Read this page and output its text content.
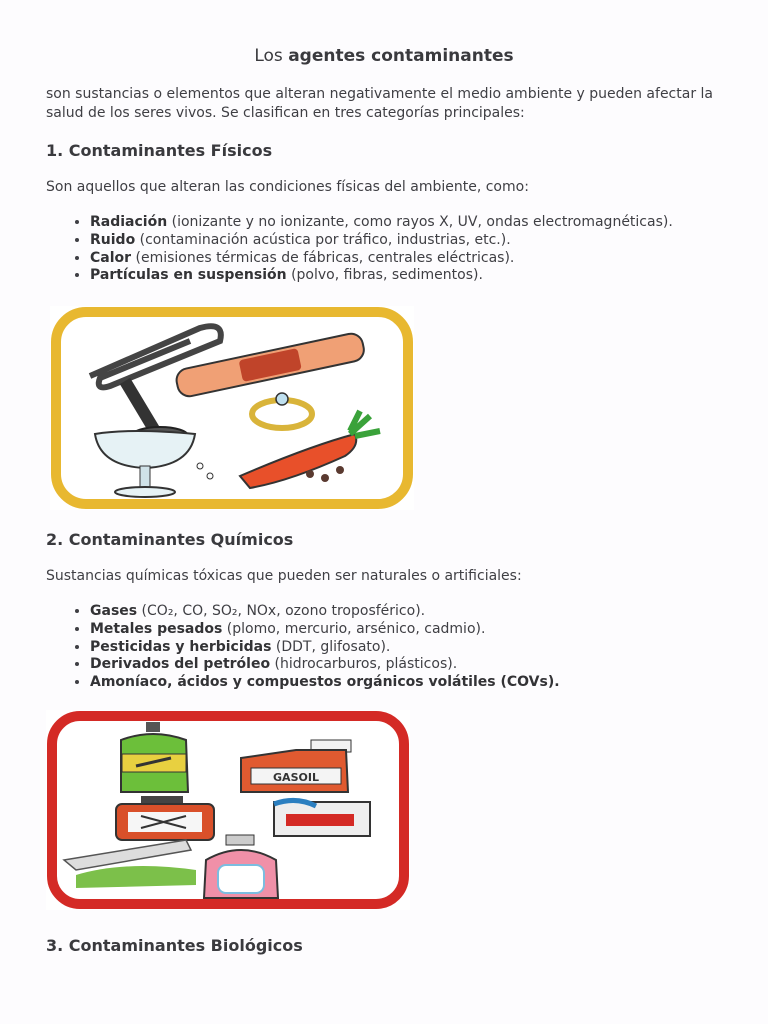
Los agentes contaminantes

son sustancias o elementos que alteran negativamente el medio ambiente y pueden afectar la salud de los seres vivos. Se clasifican en tres categorías principales:

1. Contaminantes Físicos
Son aquellos que alteran las condiciones físicas del ambiente, como:
• Radiación (ionizante y no ionizante, como rayos X, UV, ondas electromagnéticas).
• Ruido (contaminación acústica por tráfico, industrias, etc.).
• Calor (emisiones térmicas de fábricas, centrales eléctricas).
• Partículas en suspensión (polvo, fibras, sedimentos).
2. Contaminantes Químicos
Sustancias químicas tóxicas que pueden ser naturales o artificiales:
• Gases (CO₂, CO, SO₂, NOx, ozono troposférico).
• Metales pesados (plomo, mercurio, arsénico, cadmio).
• Pesticidas y herbicidas (DDT, glifosato).
• Derivados del petróleo (hidrocarburos, plásticos).
• Amoníaco, ácidos y compuestos orgánicos volátiles (COVs).
GASOIL
3. Contaminantes Biológicos
